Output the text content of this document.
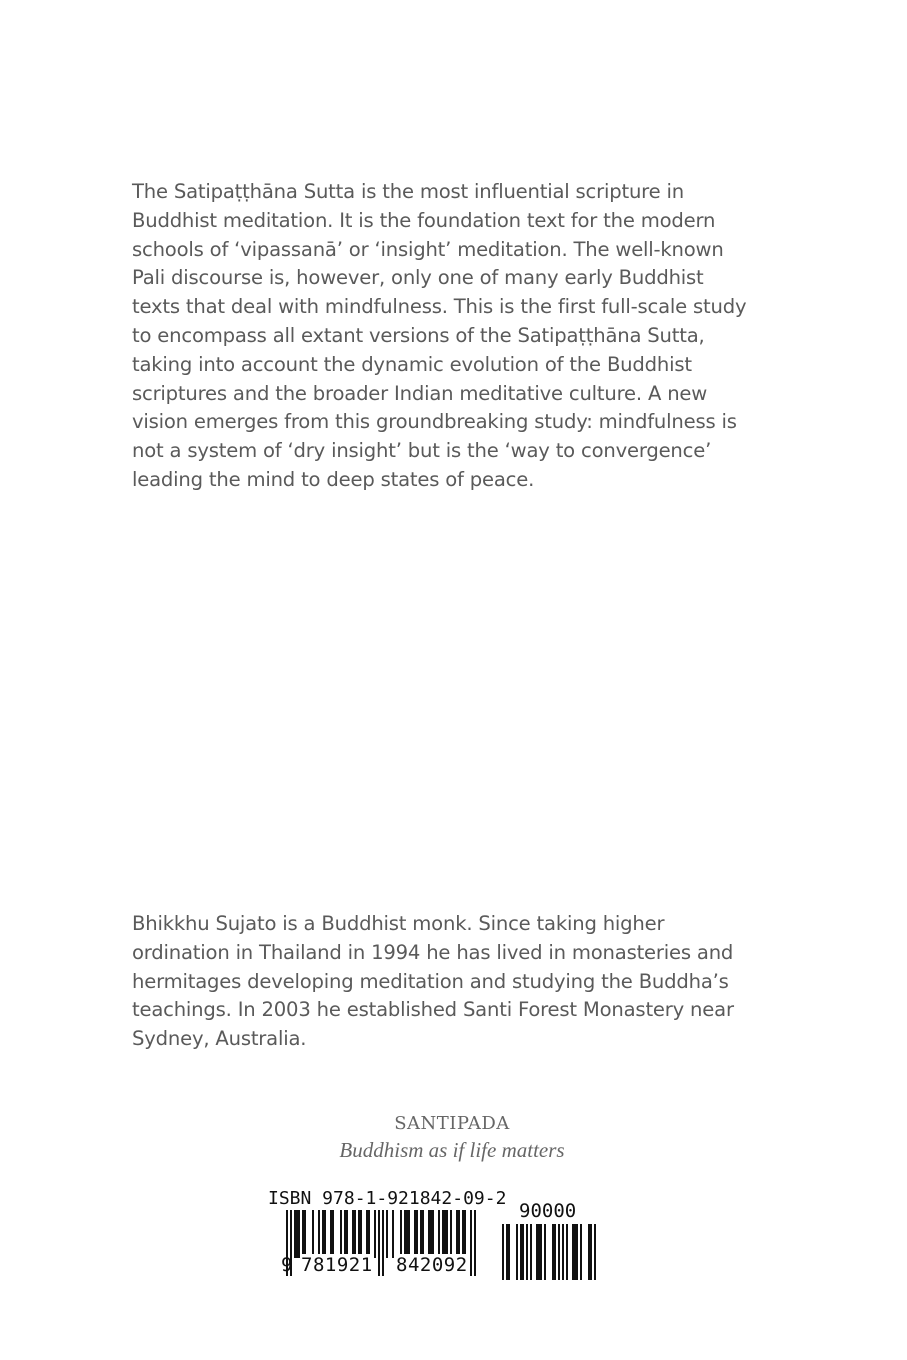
The Satipaṭṭhāna Sutta is the most influential scripture in
Buddhist meditation. It is the foundation text for the modern
schools of ‘vipassanā’ or ‘insight’ meditation. The well-known
Pali discourse is, however, only one of many early Buddhist
texts that deal with mindfulness. This is the first full-scale study
to encompass all extant versions of the Satipaṭṭhāna Sutta,
taking into account the dynamic evolution of the Buddhist
scriptures and the broader Indian meditative culture. A new
vision emerges from this groundbreaking study: mindfulness is
not a system of ‘dry insight’ but is the ‘way to convergence’
leading the mind to deep states of peace.
Bhikkhu Sujato is a Buddhist monk. Since taking higher
ordination in Thailand in 1994 he has lived in monasteries and
hermitages developing meditation and studying the Buddha’s
teachings. In 2003 he established Santi Forest Monastery near
Sydney, Australia.
SANTIPADA
Buddhism as if life matters
ISBN 978-1-921842-09-2
90000
9 781921 842092
